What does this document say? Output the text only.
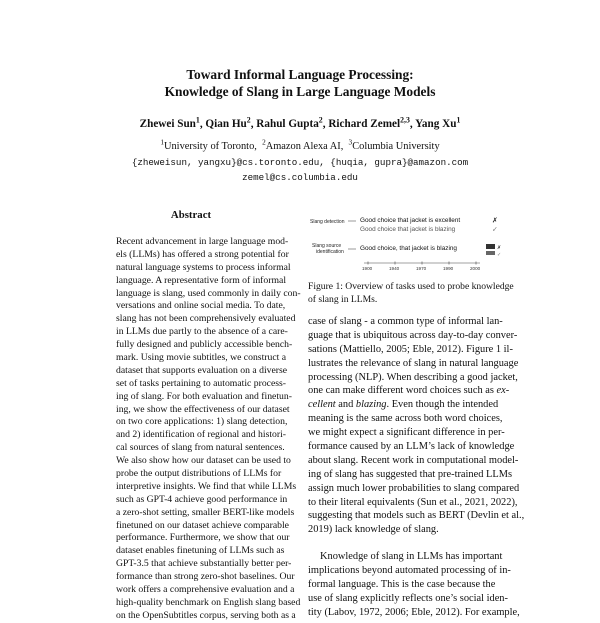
Toward Informal Language Processing:
Knowledge of Slang in Large Language Models
Zhewei Sun$^1$, Qian Hu$^2$, Rahul Gupta$^2$, Richard Zemel$^{2,3}$, Yang Xu$^1$
$^1$University of Toronto, $^2$Amazon Alexa AI, $^3$Columbia University
{zheweisun, yangxu}@cs.toronto.edu, {huqia, gupra}@amazon.com
zemel@cs.columbia.edu
Abstract
Recent advancement in large language mod-
els (LLMs) has offered a strong potential for
natural language systems to process informal
language. A representative form of informal
language is slang, used commonly in daily con-
versations and online social media. To date,
slang has not been comprehensively evaluated
in LLMs due partly to the absence of a care-
fully designed and publicly accessible bench-
mark. Using movie subtitles, we construct a
dataset that supports evaluation on a diverse
set of tasks pertaining to automatic process-
ing of slang. For both evaluation and finetun-
ing, we show the effectiveness of our dataset
on two core applications: 1) slang detection,
and 2) identification of regional and histori-
cal sources of slang from natural sentences.
We also show how our dataset can be used to
probe the output distributions of LLMs for
interpretive insights. We find that while LLMs
such as GPT-4 achieve good performance in
a zero-shot setting, smaller BERT-like models
finetuned on our dataset achieve comparable
performance. Furthermore, we show that our
dataset enables finetuning of LLMs such as
GPT-3.5 that achieve substantially better per-
formance than strong zero-shot baselines. Our
work offers a comprehensive evaluation and a
high-quality benchmark on English slang based
on the OpenSubtitles corpus, serving both as a
Slang detection Good choice that jacket is excellent	✗
Good choice that jacket is blazing	✓
Slang source
identification	Good choice, that jacket is blazing	✗
✓
1900	1940	1970	1990	2000
Figure 1: Overview of tasks used to probe knowledge
of slang in LLMs.
case of slang - a common type of informal lan-
guage that is ubiquitous across day-to-day conver-
sations (Mattiello, 2005; Eble, 2012). Figure 1 il-
lustrates the relevance of slang in natural language
processing (NLP). When describing a good jacket,
one can make different word choices such as ex-
cellent and blazing. Even though the intended
meaning is the same across both word choices,
we might expect a significant difference in per-
formance caused by an LLM’s lack of knowledge
about slang. Recent work in computational model-
ing of slang has suggested that pre-trained LLMs
assign much lower probabilities to slang compared
to their literal equivalents (Sun et al., 2021, 2022),
suggesting that models such as BERT (Devlin et al.,
2019) lack knowledge of slang.
Knowledge of slang in LLMs has important
implications beyond automated processing of in-
formal language. This is the case because the
use of slang explicitly reflects one’s social iden-
tity (Labov, 1972, 2006; Eble, 2012). For example,
